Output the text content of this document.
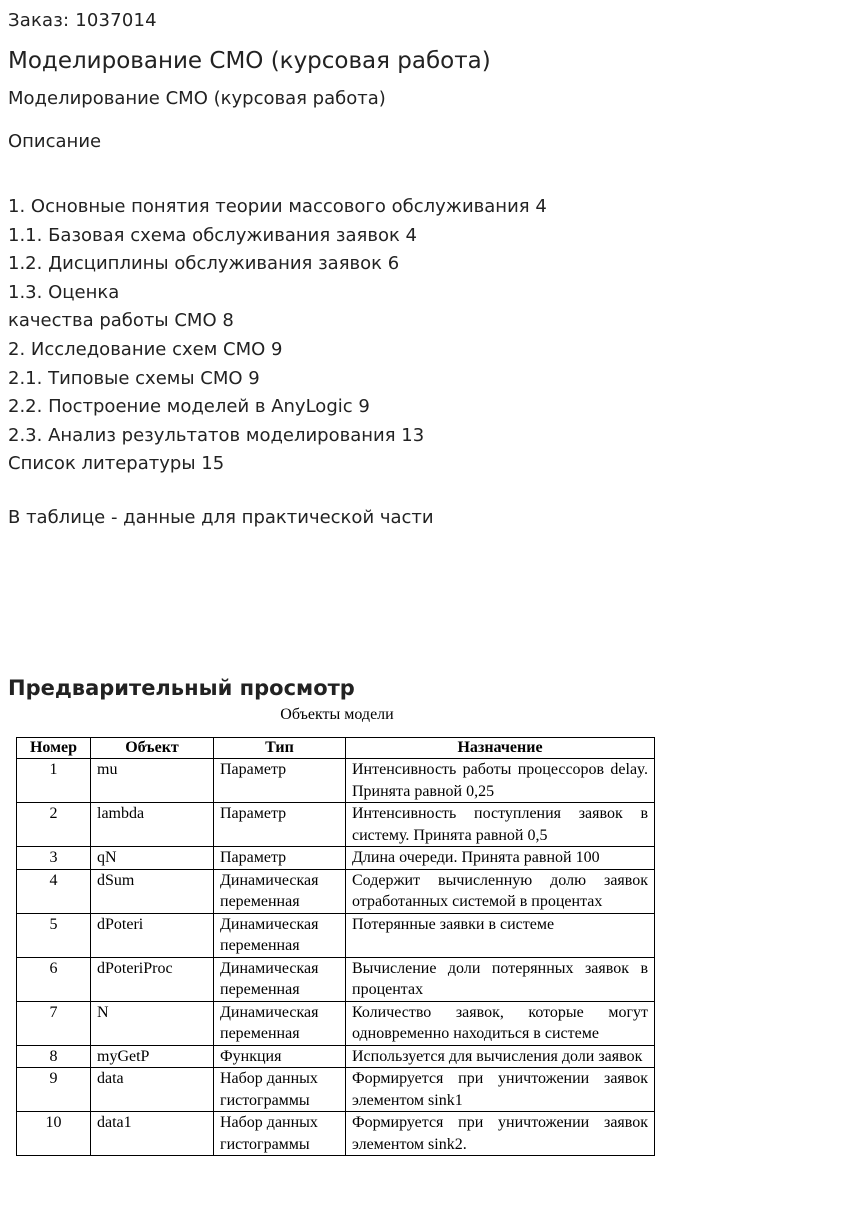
Заказ: 1037014
Моделирование СМО (курсовая работа)
Моделирование СМО (курсовая работа)
Описание
1. Основные понятия теории массового обслуживания 4
1.1. Базовая схема обслуживания заявок 4
1.2. Дисциплины обслуживания заявок 6
1.3. Оценка
качества работы СМО 8
2. Исследование схем СМО 9
2.1. Типовые схемы СМО 9
2.2. Построение моделей в AnyLogic 9
2.3. Анализ результатов моделирования 13
Список литературы 15
В таблице - данные для практической части
Предварительный просмотр
Объекты модели
Номер	Объект	Тип	Назначение
1	mu	Параметр	Интенсивность работы процессоров delay. Принята равной 0,25
2	lambda	Параметр	Интенсивность поступления заявок в систему. Принята равной 0,5
3	qN	Параметр	Длина очереди. Принята равной 100
4	dSum	Динамическая переменная	Содержит вычисленную долю заявок отработанных системой в процентах
5	dPoteri	Динамическая переменная	Потерянные заявки в системе
6	dPoteriProc	Динамическая переменная	Вычисление доли потерянных заявок в процентах
7	N	Динамическая переменная	Количество заявок, которые могут одновременно находиться в системе
8	myGetP	Функция	Используется для вычисления доли заявок
9	data	Набор данных гистограммы	Формируется при уничтожении заявок элементом sink1
10	data1	Набор данных гистограммы	Формируется при уничтожении заявок элементом sink2.
